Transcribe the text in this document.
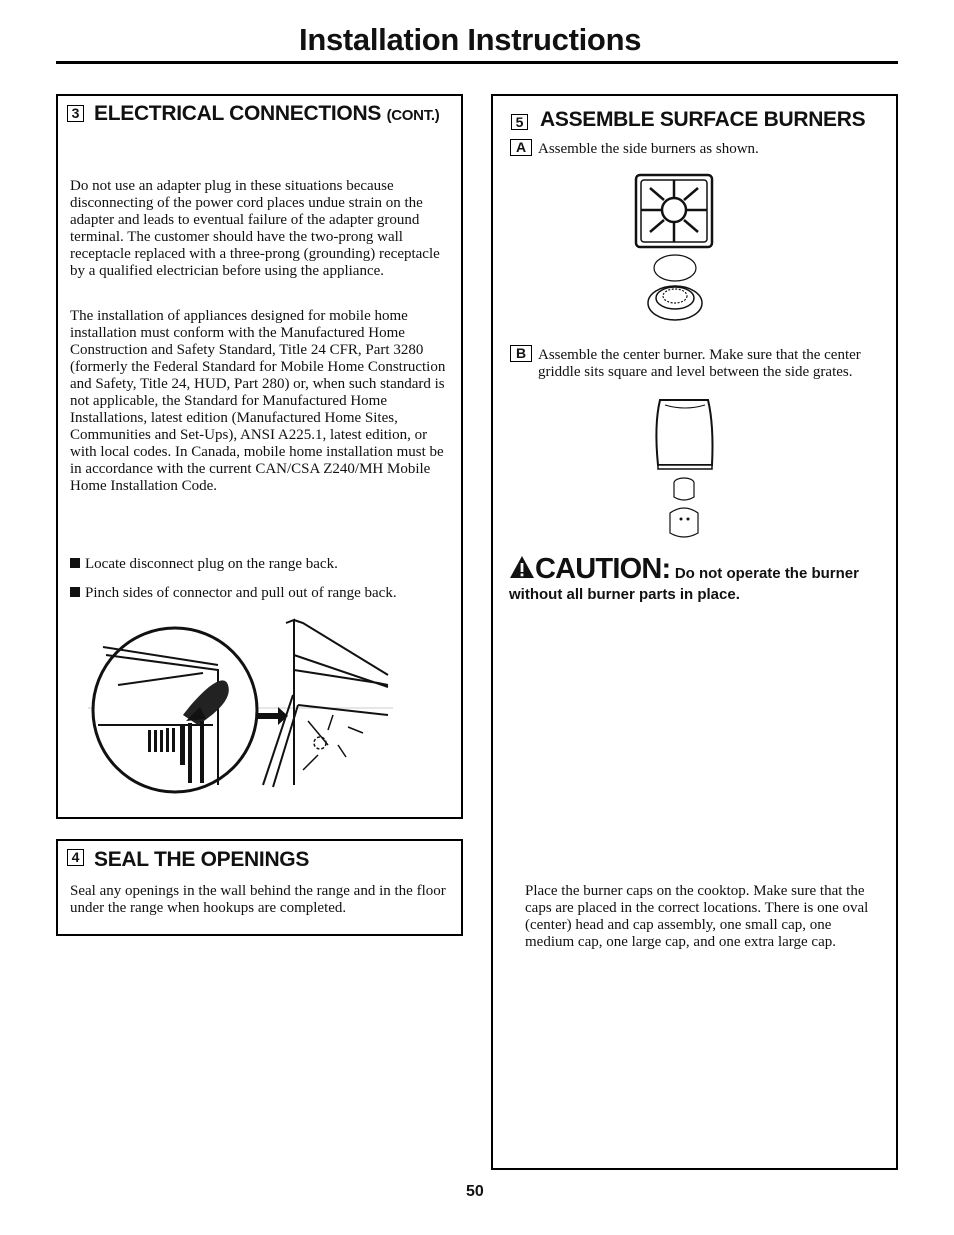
Installation Instructions
3 ELECTRICAL CONNECTIONS (CONT.)

Do not use an adapter plug in these situations because disconnecting of the power cord places undue strain on the adapter and leads to eventual failure of the adapter ground terminal. The customer should have the two-prong wall receptacle replaced with a three-prong (grounding) receptacle by a qualified electrician before using the appliance.

The installation of appliances designed for mobile home installation must conform with the Manufactured Home Construction and Safety Standard, Title 24 CFR, Part 3280 (formerly the Federal Standard for Mobile Home Construction and Safety, Title 24, HUD, Part 280) or, when such standard is not applicable, the Standard for Manufactured Home Installations, latest edition (Manufactured Home Sites, Communities and Set-Ups), ANSI A225.1, latest edition, or with local codes. In Canada, mobile home installation must be in accordance with the current CAN/CSA Z240/MH Mobile Home Installation Code.

Locate disconnect plug on the range back.
Pinch sides of connector and pull out of range back.
4 SEAL THE OPENINGS

Seal any openings in the wall behind the range and in the floor under the range when hookups are completed.

5 ASSEMBLE SURFACE BURNERS
A Assemble the side burners as shown.
B Assemble the center burner. Make sure that the center griddle sits square and level between the side grates.

CAUTION: Do not operate the burner without all burner parts in place.

Place the burner caps on the cooktop. Make sure that the caps are placed in the correct locations. There is one oval (center) head and cap assembly, one small cap, one medium cap, one large cap, and one extra large cap.

50
